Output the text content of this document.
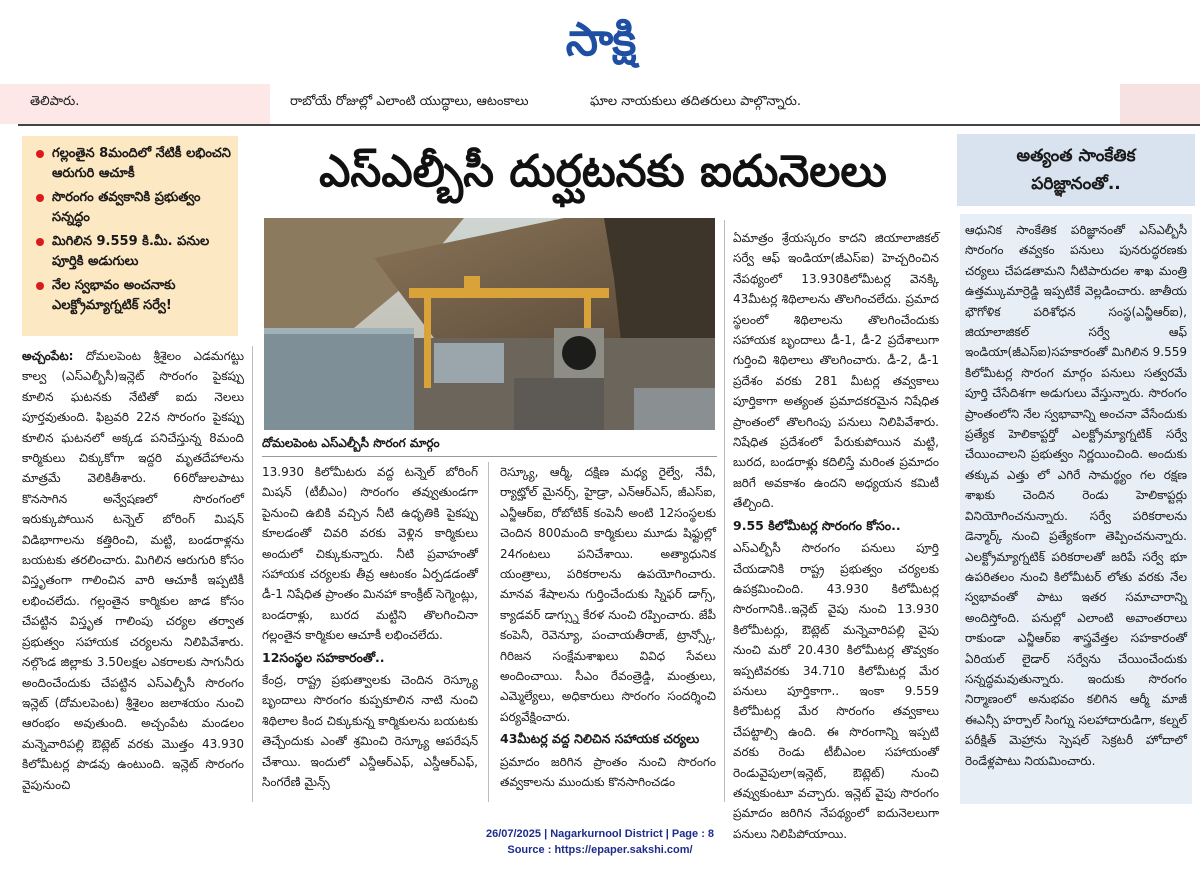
సాక్షి
తెలిపారు.	రాబోయే రోజుల్లో ఎలాంటి యుద్ధాలు, ఆటంకాలు	ఘాల నాయకులు తదితరులు పాల్గొన్నారు.
గల్లంతైన 8మందిలో నేటికీ లభించని ఆరుగురి ఆచూకీ
సొరంగం తవ్వకానికి ప్రభుత్వం సన్నద్ధం
మిగిలిన 9.559 కి.మీ. పనుల పూర్తికి అడుగులు
నేల స్వభావం అంచనాకు ఎలక్ట్రోమ్యాగ్నటిక్ సర్వే!
ఎస్ఎల్బీసీ దుర్ఘటనకు ఐదునెలలు
దోమలపెంట ఎస్ఎల్బీసీ సొరంగ మార్గం
అత్యంత సాంకేతిక
పరిజ్ఞానంతో..
అచ్చంపేట: దోమలపెంట శ్రీశైలం ఎడమగట్టు కాల్వ (ఎస్ఎల్బీసీ)ఇన్లెట్ సొరంగం పైకప్పు కూలిన ఘటనకు నేటితో ఐదు నెలలు పూర్తవుతుంది. ఫిబ్రవరి 22న సొరంగం పైకప్పు కూలిన ఘటనలో అక్కడ పనిచేస్తున్న 8మంది కార్మికులు చిక్కుకోగా ఇద్దరి మృతదేహాలను మాత్రమే వెలికితీశారు. 66రోజులపాటు కొనసాగిన అన్వేషణలో సొరంగంలో ఇరుక్కుపోయిన టన్నెల్ బోరింగ్ మిషన్ విడిభాగాలను కత్తిరించి, మట్టి, బండరాళ్లను బయటకు తరలించారు. మిగిలిన ఆరుగురి కోసం విస్తృతంగా గాలించిన వారి ఆచూకీ ఇప్పటికీ లభించలేదు. గల్లంతైన కార్మికుల జాడ కోసం చేపట్టిన విస్తృత గాలింపు చర్యల తర్వాత ప్రభుత్వం సహాయక చర్యలను నిలిపివేశారు. నల్గొండ జిల్లాకు 3.50లక్షల ఎకరాలకు సాగునీరు అందించేందుకు చేపట్టిన ఎస్ఎల్బీసీ సొరంగం ఇన్లెట్ (దోమలపెంట) శ్రీశైలం జలాశయం నుంచి ఆరంభం అవుతుంది. అచ్చంపేట మండలం మన్నెవారిపల్లి ఔట్లెట్ వరకు మొత్తం 43.930 కిలోమీటర్ల పొడవు ఉంటుంది. ఇన్లెట్ సొరంగం వైపునుంచి
13.930 కిలోమీటరు వద్ద టన్నెల్ బోరింగ్ మిషన్ (టీబీఎం) సొరంగం తవ్వుతుండగా పైనుంచి ఉబికి వచ్చిన నీటి ఉధృతికి పైకప్పు కూలడంతో చివరి వరకు వెళ్లిన కార్మికులు అందులో చిక్కుకున్నారు. నీటి ప్రవాహంతో సహాయక చర్యలకు తీవ్ర ఆటంకం ఏర్పడడంతో డీ-1 నిషేధిత ప్రాంతం మినహా కాంక్రీట్ సెగ్మెంట్లు, బండరాళ్లు, బురద మట్టిని తొలగించినా గల్లంతైన కార్మికుల ఆచూకీ లభించలేదు.
12సంస్థల సహకారంతో..
కేంద్ర, రాష్ట్ర ప్రభుత్వాలకు చెందిన రెస్క్యూ బృందాలు సొరంగం కుప్పకూలిన నాటి నుంచి శిథిలాల కింద చిక్కుకున్న కార్మికులను బయటకు తెచ్చేందుకు ఎంతో శ్రమించి రెస్క్యూ ఆపరేషన్ చేశాయి. ఇందులో ఎన్డీఆర్ఎఫ్, ఎస్డీఆర్ఎఫ్, సింగరేణి మైన్స్
రెస్క్యూ, ఆర్మీ, దక్షిణ మధ్య రైల్వే, నేవీ, ర్యాట్హోల్ మైనర్స్, హైడ్రా, ఎన్ఆర్ఎస్, జీఎస్ఐ, ఎన్జీఆర్ఐ, రోబోటిక్ కంపెనీ అంటి 12సంస్థలకు చెందిన 800మంది కార్మికులు మూడు షిఫ్టుల్లో 24గంటలు పనిచేశాయి. అత్యాధునిక యంత్రాలు, పరికరాలను ఉపయోగించారు. మానవ శేషాలను గుర్తించేందుకు స్నిఫర్ డాగ్స్, క్యాడవర్ డాగ్స్ను కేరళ నుంచి రప్పించారు. జేపీ కంపెనీ, రెవెన్యూ, పంచాయతీరాజ్, ట్రాన్స్కో, గిరిజన సంక్షేమశాఖలు వివిధ సేవలు అందించాయి. సీఎం రేవంత్రెడ్డి, మంత్రులు, ఎమ్మెల్యేలు, అధికారులు సొరంగం సందర్శించి పర్యవేక్షించారు.
43మీటర్ల వద్ద నిలిచిన సహాయక చర్యలు
ప్రమాదం జరిగిన ప్రాంతం నుంచి సొరంగం తవ్వకాలను ముందుకు కొనసాగించడం
ఏమాత్రం శ్రేయస్కరం కాదని జియాలాజికల్ సర్వే ఆఫ్ ఇండియా(జీఎస్ఐ) హెచ్చరించిన నేపథ్యంలో 13.930కిలోమీటర్ల వెనక్కి 43మీటర్ల శిథిలాలను తొలగించలేదు. ప్రమాద స్థలంలో శిథిలాలను తొలగించేందుకు సహాయక బృందాలు డీ-1, డీ-2 ప్రదేశాలుగా గుర్తించి శిథిలాలు తొలగించారు. డీ-2, డీ-1 ప్రదేశం వరకు 281 మీటర్ల తవ్వకాలు పూర్తికాగా అత్యంత ప్రమాదకరమైన నిషేధిత ప్రాంతంలో తొలగింపు పనులు నిలిపివేశారు. నిషేధిత ప్రదేశంలో పేరుకుపోయిన మట్టి, బురద, బండరాళ్లు కదిలిస్తే మరింత ప్రమాదం జరిగే అవకాశం ఉందని అధ్యయన కమిటీ తేల్చింది.
9.55 కిలోమీటర్ల సొరంగం కోసం..
ఎస్ఎల్బీసీ సొరంగం పనులు పూర్తి చేయడానికి రాష్ట్ర ప్రభుత్వం చర్యలకు ఉపక్రమించింది. 43.930 కిలోమీటర్ల సొరంగానికి..ఇన్లెట్ వైపు నుంచి 13.930 కిలోమీటర్లు, ఔట్లెట్ మన్నెవారిపల్లి వైపు నుంచి మరో 20.430 కిలోమీటర్ల తొవ్వకం ఇప్పటివరకు 34.710 కిలోమీటర్ల మేర పనులు పూర్తికాగా.. ఇంకా 9.559 కిలోమీటర్ల మేర సొరంగం తవ్వకాలు చేపట్టాల్సి ఉంది. ఈ సొరంగాన్ని ఇప్పటి వరకు రెండు టీబీఎంల సహాయంతో రెండువైపులా(ఇన్లెట్, ఔట్లెట్) నుంచి తవ్వుకుంటూ వచ్చారు. ఇన్లెట్ వైపు సొరంగం ప్రమాదం జరిగిన నేపథ్యంలో ఐదునెలలుగా పనులు నిలిపిపోయాయి.
ఆధునిక సాంకేతిక పరిజ్ఞానంతో ఎస్ఎల్బీసీ సొరంగం తవ్వకం పనులు పునరుద్ధరణకు చర్యలు చేపడతామని నీటిపారుదల శాఖ మంత్రి ఉత్తమ్కుమార్రెడ్డి ఇప్పటికే వెల్లడించారు. జాతీయ భౌగోళిక పరిశోధన సంస్థ(ఎన్జీఆర్ఐ), జియాలాజికల్ సర్వే ఆఫ్ ఇండియా(జీఎస్ఐ)సహకారంతో మిగిలిన 9.559 కిలోమీటర్ల సొరంగ మార్గం పనులు సత్వరమే పూర్తి చేసేదిశగా అడుగులు వేస్తున్నారు. సొరంగం ప్రాంతంలోని నేల స్వభావాన్ని అంచనా వేసేందుకు ప్రత్యేక హెలికాప్టర్తో ఎలక్ట్రోమ్యాగ్నటిక్ సర్వే చేయించాలని ప్రభుత్వం నిర్ణయించింది. అందుకు తక్కువ ఎత్తు లో ఎగిరే సామర్థ్యం గల రక్షణ శాఖకు చెందిన రెండు హెలికాప్టర్లు వినియోగించనున్నారు. సర్వే పరికరాలను డెన్మార్క్ నుంచి ప్రత్యేకంగా తెప్పించనున్నారు. ఎలక్ట్రోమ్యాగ్నటిక్ పరికరాలతో జరిపే సర్వే భూ ఉపరితలం నుంచి కిలోమీటర్ లోతు వరకు నేల స్వభావంతో పాటు ఇతర సమాచారాన్ని అందిస్తోంది. పనుల్లో ఎలాంటి అవాంతరాలు రాకుండా ఎన్జీఆర్ఐ శాస్త్రవేత్తల సహకారంతో ఏరియల్ లైడార్ సర్వేను చేయించేందుకు సన్నద్ధమవుతున్నారు. ఇందుకు సొరంగం నిర్మాణంలో అనుభవం కలిగిన ఆర్మీ మాజీ ఈఎన్సీ హర్పాల్ సింగ్ను సలహాదారుడిగా, కల్నల్ పరీక్షిత్ మెహ్రాను స్పెషల్ సెక్రటరీ హోదాలో రెండేళ్లపాటు నియమించారు.
26/07/2025 | Nagarkurnool District | Page : 8
Source : https://epaper.sakshi.com/
